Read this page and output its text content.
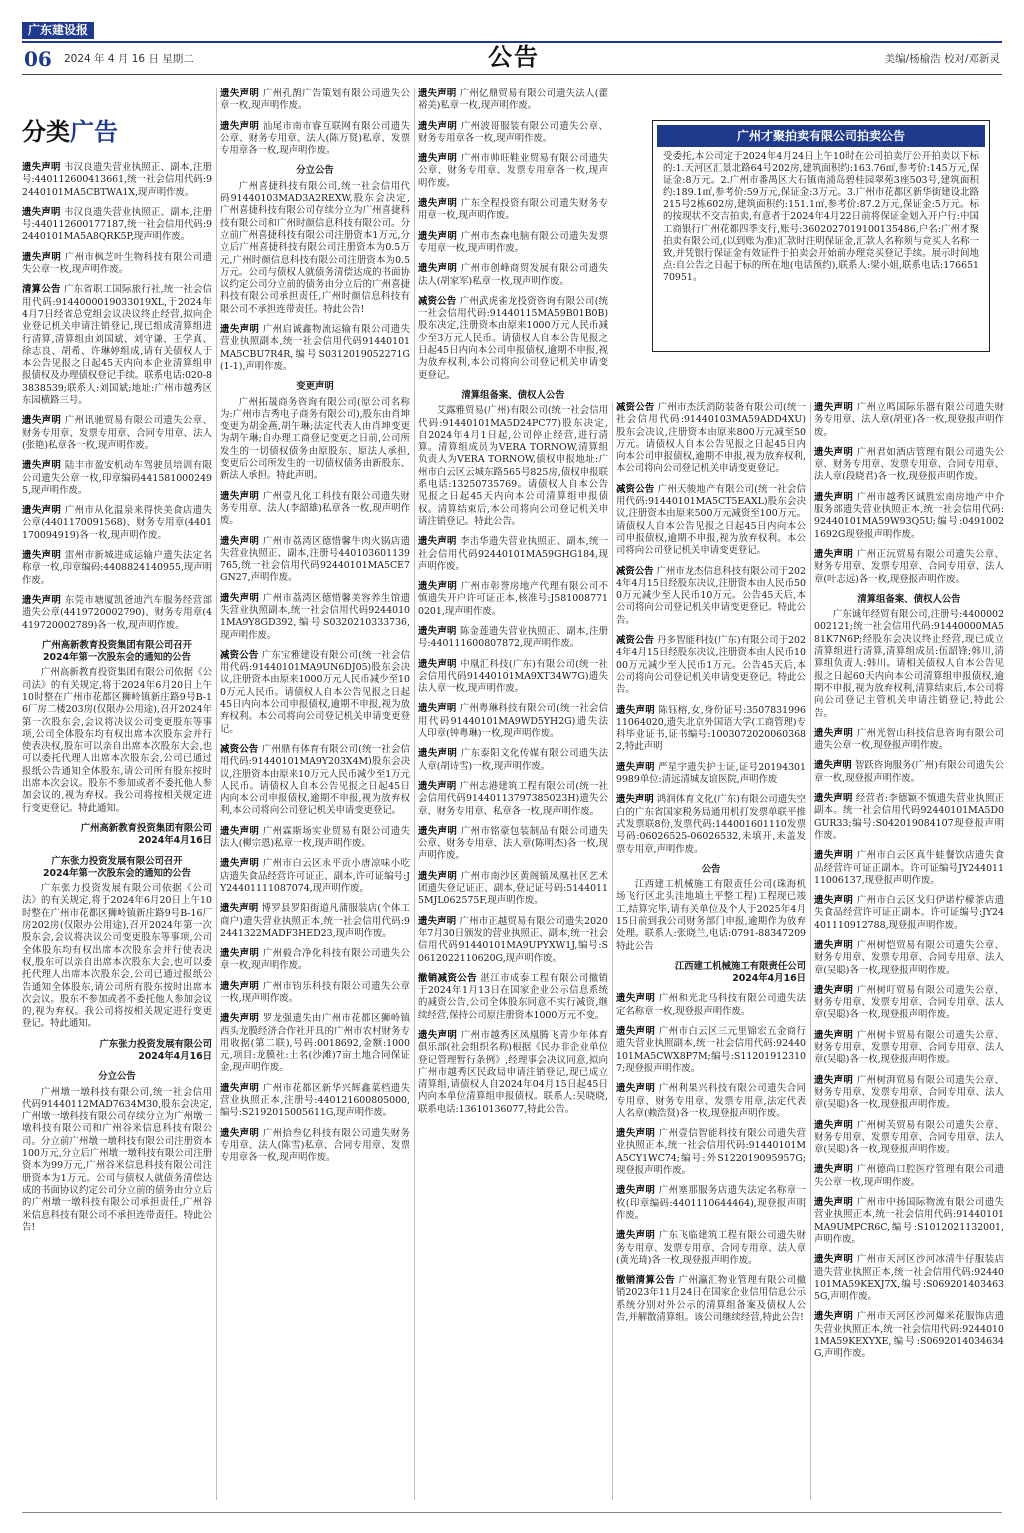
广东建设报
06 2024 年 4 月 16 日 星期二	公告	美编/杨榆浩 校对/邓新灵
广州才聚拍卖有限公司拍卖公告
受委托,本公司定于2024年4月24日上午10时在公司拍卖厅公开拍卖以下标的:1.天河区汇景北路64号202房,建筑面积约:163.76㎡,参考价:145万元,保证金:8万元。2.广州市番禺区大石镇南浦岛碧桂园翠苑3座503号,建筑面积约:189.1㎡,参考价:59万元,保证金:3万元。3.广州市花都区新华街建设北路215号2栋602房,建筑面积约:151.1㎡,参考价:87.2万元,保证金:5万元。标的按现状不交吉拍卖,有意者于2024年4月22日前将保证金划入开户行:中国工商银行广州花都四季支行,账号:3602027019100135486,户名:广州才聚拍卖有限公司,(以到账为准)汇款时注明保证金,汇款人名称须与竞买人名称一致,并凭银行保证金有效证件于拍卖会开始前办理竞买登记手续。展示时间地点:自公告之日起于标的所在地(电话预约),联系人:梁小姐,联系电话:17665170951。
分类 广告
遗失声明 韦汉良遗失营业执照正、副本,注册号:440112600413661,统一社会信用代码:92440101MA5CBTWA1X,现声明作废。
遗失声明 韦汉良遗失营业执照正、副本,注册号:440112600177187,统一社会信用代码:92440101MA5A8QRK5P,现声明作废。
遗失声明 广州市枫芝叶生物科技有限公司遗失公章一枚,现声明作废。
清算公告 广东省职工国际旅行社,统一社会信用代码:9144000019033019XL,于2024年4月7日经省总党组会议决议终止经营,拟向企业登记机关申请注销登记,现已组成清算组进行清算,清算组由刘国斌、刘守谦、王学真、徐志良、胡希、许琳婷组成,请有关债权人于本公告见报之日起45天内向本企业清算组申报债权及办理债权登记手续。联系电话:020-83838539;联系人:刘国斌;地址:广州市越秀区东园横路三号。
遗失声明 广州讯驰贸易有限公司遗失公章、财务专用章、发票专用章、合同专用章、法人(张艳)私章各一枚,现声明作废。
遗失声明 陆丰市盈安机动车驾驶员培训有限公司遗失公章一枚,印章编码4415810002495,现声明作废。
遗失声明 广州市从化温泉来得快美食店遗失公章(4401170091568)、财务专用章(4401170094919)各一枚,现声明作废。
遗失声明 雷州市新城进成运输户遗失法定名称章一枚,印章编码:4408824140955,现声明作废。
遗失声明 东莞市塘厦凯爸迪汽车服务经营部遗失公章(4419720002790)、财务专用章(4419720002789)各一枚,现声明作废。
广州高新教育投资集团有限公司召开
2024年第一次股东会的通知的公告
广州高新教育投资集团有限公司依据《公司法》的有关规定,将于2024年6月20日上午10时整在广州市花都区狮岭镇新庄路9号B-16厂房二楼203房(仅限办公用途),召开2024年第一次股东会,会议将决议公司变更股东等事项,公司全体股东均有权出席本次股东会并行使表决权,股东可以亲自出席本次股东大会,也可以委托代理人出席本次股东会,公司已通过报纸公告通知全体股东,请公司所有股东按时出席本次会议。股东不参加或者不委托他人参加会议的,视为弃权。我公司将按相关规定进行变更登记。特此通知。
广州高新教育投资集团有限公司
2024年4月16日
广东张力投资发展有限公司召开
2024年第一次股东会的通知的公告
广东张力投资发展有限公司依据《公司法》的有关规定,将于2024年6月20日上午10时整在广州市花都区狮岭镇新庄路9号B-16厂房202房(仅限办公用途),召开2024年第一次股东会,会议将决议公司变更股东等事项,公司全体股东均有权出席本次股东会并行使表决权,股东可以亲自出席本次股东大会,也可以委托代理人出席本次股东会,公司已通过报纸公告通知全体股东,请公司所有股东按时出席本次会议。股东不参加或者不委托他人参加会议的,视为弃权。我公司将按相关规定进行变更登记。特此通知。
广东张力投资发展有限公司
2024年4月16日
分立公告
广州墩一墩科技有限公司,统一社会信用代码91440112MAD7634M30,股东会决定,广州墩一墩科技有限公司存续分立为广州墩一墩科技有限公司和广州谷米信息科技有限公司。分立前广州墩一墩科技有限公司注册资本100万元,分立后广州墩一墩科技有限公司注册资本为99万元,广州谷米信息科技有限公司注册资本为1万元。公司与债权人就债务清偿达成的书面协议约定公司分立前的债务由分立后的广州墩一墩科技有限公司承担责任,广州谷米信息科技有限公司不承担连带责任。特此公告!
遗失声明 广州孔鹊广告策划有限公司遗失公章一枚,现声明作废。
遗失声明 汕尾市南市睿互联网有限公司遗失公章、财务专用章、法人(陈万贤)私章、发票专用章各一枚,现声明作废。
分立公告
广州喜捷科技有限公司,统一社会信用代码91440103MAD3A2REXW,股东会决定,广州喜捷科技有限公司存续分立为广州喜捷科技有限公司和广州时颜信息科技有限公司。分立前广州喜捷科技有限公司注册资本1万元,分立后广州喜捷科技有限公司注册资本为0.5万元,广州时颜信息科技有限公司注册资本为0.5万元。公司与债权人就债务清偿达成的书面协议约定公司分立前的债务由分立后的广州喜捷科技有限公司承担责任,广州时颜信息科技有限公司不承担连带责任。特此公告!
遗失声明 广州启诚鑫物流运输有限公司遗失营业执照副本,统一社会信用代码91440101MA5CBU7R4R,编号S0312019052271G(1-1),声明作废。
变更声明
广州拓晟商务咨询有限公司(原公司名称为:广州市吉秀电子商务有限公司),股东由肖坤变更为胡金燕,胡午琳;法定代表人由肖坤变更为胡午琳;自办理工商登记变更之日前,公司所发生的一切债权债务由原股东、原法人承担,变更后公司所发生的一切债权债务由新股东、新法人承担。特此声明。
遗失声明 广州壹凡化工科技有限公司遗失财务专用章、法人(李韶雄)私章各一枚,现声明作废。
遗失声明 广州市荔湾区德惜馨牛肉火锅店遗失营业执照正、副本,注册号440103601139765,统一社会信用代码92440101MA5CE7GN27,声明作废。
遗失声明 广州市荔湾区德惜馨美容养生馆遗失营业执照副本,统一社会信用代码92440101MA9Y8GD392,编号S0320210333736,现声明作废。
减资公告 广东宝雅建设有限公司(统一社会信用代码:91440101MA9UN6DJ05)股东会决议,注册资本由原来1000万元人民币减少至100万元人民币。请债权人自本公告见报之日起45日内向本公司申报债权,逾期不申报,视为放弃权利。本公司将向公司登记机关申请变更登记。
减资公告 广州鼎有体育有限公司(统一社会信用代码:91440101MA9Y203X4M)股东会决议,注册资本由原来10万元人民币减少至1万元人民币。请债权人自本公告见报之日起45日内向本公司申报债权,逾期不申报,视为放弃权利,本公司将向公司登记机关申请变更登记。
遗失声明 广州霖斯场实业贸易有限公司遗失法人(柳宗恩)私章一枚,现声明作废。
遗失声明 广州市白云区永平贡小唐凉味小吃店遗失食品经营许可证正、副本,许可证编号:JY24401111087074,现声明作废。
遗失声明 博罗县罗阳街道凡蒲服装店(个体工商户)遗失营业执照正本,统一社会信用代码:92441322MADF3HED23,现声明作废。
遗失声明 广州毅合净化科技有限公司遗失公章一枚,现声明作废。
遗失声明 广州市钧乐科技有限公司遗失公章一枚,现声明作废。
遗失声明 罗龙强遗失由广州市花都区狮岭镇西头龙膜经济合作社开具的广州市农村财务专用收据(第二联),号码:0018692,金额:1000元,项目:龙膜社:土名(沙滩)7亩土地合同保证金,现声明作废。
遗失声明 广州市花都区新华兴辉鑫菜档遗失营业执照正本,注册号:440121600805000,编号:S2192015005611G,现声明作废。
遗失声明 广州拾叁亿科技有限公司遗失财务专用章、法人(陈雪)私章、合同专用章、发票专用章各一枚,现声明作废。
遗失声明 广州亿鼎贸易有限公司遗失法人(藿裕美)私章一枚,现声明作废。
遗失声明 广州波哥服装有限公司遗失公章、财务专用章各一枚,现声明作废。
遗失声明 广州市帅旺鞋业贸易有限公司遗失公章、财务专用章、发票专用章各一枚,现声明作废。
遗失声明 广东全程投资有限公司遗失财务专用章一枚,现声明作废。
遗失声明 广州市杰森电脑有限公司遗失发票专用章一枚,现声明作废。
遗失声明 广州市创峰商贸发展有限公司遗失法人(胡家军)私章一枚,现声明作废。
减资公告 广州武虎雀龙投资咨询有限公司(统一社会信用代码:91440115MA59B01B0B)股东决定,注册资本由原来1000万元人民币减少至3万元人民币。请债权人自本公告见报之日起45日内向本公司申报债权,逾期不申报,视为放弃权利,本公司将向公司登记机关申请变更登记。
清算组备案、债权人公告
艾露雅贸易(广州)有限公司(统一社会信用代码:91440101MA5D24PC77)股东决定,自2024年4月1日起,公司停止经营,进行清算。清算组成员为VERA TORNOW,清算组负责人为VERA TORNOW,债权申报地址:广州市白云区云城东路565号825房,债权申报联系电话:13250735769。请债权人自本公告见报之日起45天内向本公司清算组申报债权。清算结束后,本公司将向公司登记机关申请注销登记。特此公告。
遗失声明 李击华遗失营业执照正、副本,统一社会信用代码92440101MA59GHG184,现声明作废。
遗失声明 广州市彰誉房地产代理有限公司不慎遗失开户许可证正本,核准号:J5810087710201,现声明作废。
遗失声明 陈金莲遗失营业执照正、副本,注册号:440111600807872,现声明作废。
遗失声明 中凰汇科技(广东)有限公司(统一社会信用代码91440101MA9XT34W7G)遗失法人章一枚,现声明作废。
遗失声明 广州粤琳科技有限公司(统一社会信用代码91440101MA9WD5YH2G)遗失法人印章(钟粤琳)一枚,现声明作废。
遗失声明 广东泰阳文化传媒有限公司遗失法人章(胡诗雪)一枚,现声明作废。
遗失声明 广州志港建筑工程有限公司(统一社会信用代码91440113797385023H)遗失公章、财务专用章、私章各一枚,现声明作废。
遗失声明 广州市铭豪包装制品有限公司遗失公章、财务专用章、法人章(陈明杰)各一枚,现声明作废。
遗失声明 广州市南沙区黄阁镇凤凰社区艺术团遗失登记证正、副本,登记证号码:51440115MJL062575F,现声明作废。
遗失声明 广州市正越贸易有限公司遗失2020年7月30日颁发的营业执照正、副本,统一社会信用代码91440101MA9UPYXW1J,编号:S0612022110620G,现声明作废。
撤销减资公告 湛江市成泰工程有限公司撤销于2024年1月13日在国家企业公示信息系统的减资公告,公司全体股东同意不实行减资,继续经营,保持公司原注册资本1000万元不变。
遗失声明 广州市越秀区凤凰腾飞青少年体育俱乐部(社会组织名称)根据《民办非企业单位登记管理暂行条例》,经理事会决议同意,拟向广州市越秀区民政局申请注销登记,现已成立清算组,请债权人自2024年04月15日起45日内向本单位清算组申报债权。联系人:吴晓晓,联系电话:13610136077,特此公告。
减资公告 广州市杰沃消防装备有限公司(统一社会信用代码:91440103MA59ADD4XU)股东会决议,注册资本由原来800万元减至50万元。请债权人自本公告见报之日起45日内向本公司申报债权,逾期不申报,视为放弃权利,本公司将向公司登记机关申请变更登记。
减资公告 广州天骏地产有限公司(统一社会信用代码:91440101MA5CT5EAXL)股东会决议,注册资本由原来500万元减资至100万元。请债权人自本公告见报之日起45日内向本公司申报债权,逾期不申报,视为放弃权利。本公司将向公司登记机关申请变更登记。
减资公告 广州市龙杰信息科技有限公司于2024年4月15日经股东决议,注册资本由人民币500万元减少至人民币10万元。公告45天后,本公司将向公司登记机关申请变更登记。特此公告。
减资公告 丹多智能科技(广东)有限公司于2024年4月15日经股东决议,注册资本由人民币1000万元减少至人民币1万元。公告45天后,本公司将向公司登记机关申请变更登记。特此公告。
遗失声明 陈钰榕,女,身份证号:350783199611064020,遗失北京外国语大学(工商管理)专科毕业证书,证书编号:10030720200603682,特此声明
遗失声明 严星宇遗失护士证,证号201943019989单位:清远清城友谊医院,声明作废
遗失声明 鸿润体育文化(广东)有限公司遗失空白的广东省国家税务局通用机打发票单联平推式发票联8份,发票代码:144001601110发票号码:06026525-06026532,未填开,未盖发票专用章,声明作废。
公告
江西建工机械施工有限责任公司(珠海机场飞行区北头洼地填土平整工程)工程现已竣工,结算完毕,请有关单位及个人于2025年4月15日前到我公司财务部门申报,逾期作为放弃处理。联系人:张晓兰,电话:0791-88347209特此公告
江西建工机械施工有限责任公司
2024年4月16日
遗失声明 广州和光北马科技有限公司遗失法定名称章一枚,现登报声明作废。
遗失声明 广州市白云区三元里锦宏五金商行遗失营业执照副本,统一社会信用代码:92440101MA5CWX8P7M;编号:S112019123107;现登报声明作废。
遗失声明 广州利果兴科技有限公司遗失合同专用章、财务专用章、发票专用章,法定代表人名章(赖浩贤)各一枚,现登报声明作废。
遗失声明 广州壹信智能科技有限公司遗失营业执照正本,统一社会信用代码:91440101MA5CY1WC74;编号:外S122019095957G;现登报声明作废。
遗失声明 广州塞那服务店遗失法定名称章一枚(印章编码:4401110644464),现登报声明作废。
遗失声明 广东飞临建筑工程有限公司遗失财务专用章、发票专用章、合同专用章、法人章(黄光琦)各一枚,现登报声明作废。
撤销清算公告 广州瀛汇物业管理有限公司撤销2023年11月24日在国家企业信用信息公示系统分别对外公示的清算组备案及债权人公告,并解散清算组。该公司继续经营,特此公告!
遗失声明 广州立鸣国际乐器有限公司遗失财务专用章、法人章(胡亚)各一枚,现登报声明作废。
遗失声明 广州君如酒店管理有限公司遗失公章、财务专用章、发票专用章、合同专用章、法人章(段晓君)各一枚,现登报声明作废。
遗失声明 广州市越秀区诚胜宏南房地产中介服务部遗失营业执照正本,统一社会信用代码:92440101MA59W93Q5U;编号:04910021692G现登报声明作废。
遗失声明 广州正沅贸易有限公司遗失公章、财务专用章、发票专用章、合同专用章、法人章(叶志远)各一枚,现登报声明作废。
清算组备案、债权人公告
广东诚年经贸有限公司,注册号:4400002002121;统一社会信用代码:91440000MA581K7N6P;经股东会决议终止经营,现已成立清算组进行清算,清算组成员:伍韶锋;韩川,清算组负责人:韩川。请相关债权人自本公告见报之日起60天内向本公司清算组申报债权,逾期不申报,视为放弃权利,清算结束后,本公司将向公司登记主管机关申请注销登记,特此公告。
遗失声明 广州光智山科技信息咨询有限公司遗失公章一枚,现登报声明作废。
遗失声明 智跃咨询服务(广州)有限公司遗失公章一枚,现登报声明作废。
遗失声明 经营者:李德颖不慎遗失营业执照正副本。统一社会信用代码92440101MA5D0GUR33;编号:S042019084107现登报声明作废。
遗失声明 广州市白云区真牛蛙餐饮店遗失食品经营许可证正副本。许可证编号JY24401111006137,现登报声明作废。
遗失声明 广州市白云区戈归伊诺柠檬茶店遗失食品经营许可证正副本。许可证编号:JY24401110912788,现登报声明作废。
遗失声明 广州树恺贸易有限公司遗失公章、财务专用章、发票专用章、合同专用章、法人章(吴聪)各一枚,现登报声明作废。
遗失声明 广州树叮贸易有限公司遗失公章、财务专用章、发票专用章、合同专用章、法人章(吴聪)各一枚,现登报声明作废。
遗失声明 广州树卡贸易有限公司遗失公章、财务专用章、发票专用章、合同专用章、法人章(吴聪)各一枚,现登报声明作废。
遗失声明 广州树湃贸易有限公司遗失公章、财务专用章、发票专用章、合同专用章、法人章(吴聪)各一枚,现登报声明作废。
遗失声明 广州树芙贸易有限公司遗失公章、财务专用章、发票专用章、合同专用章、法人章(吴聪)各一枚,现登报声明作废。
遗失声明 广州德尚口腔医疗管理有限公司遗失公章一枚,现声明作废。
遗失声明 广州市中扬国际物流有限公司遗失营业执照正本,统一社会信用代码:91440101MA9UMPCR6C,编号:S1012021132001,声明作废。
遗失声明 广州市天河区沙河冰清牛仔服装店遗失营业执照正本,统一社会信用代码:92440101MA59KEXJ7X,编号:S0692014034635G,声明作废。
遗失声明 广州市天河区沙河爆米花服饰店遗失营业执照正本,统一社会信用代码:92440101MA59KEXYXE,编号:S0692014034634G,声明作废。
